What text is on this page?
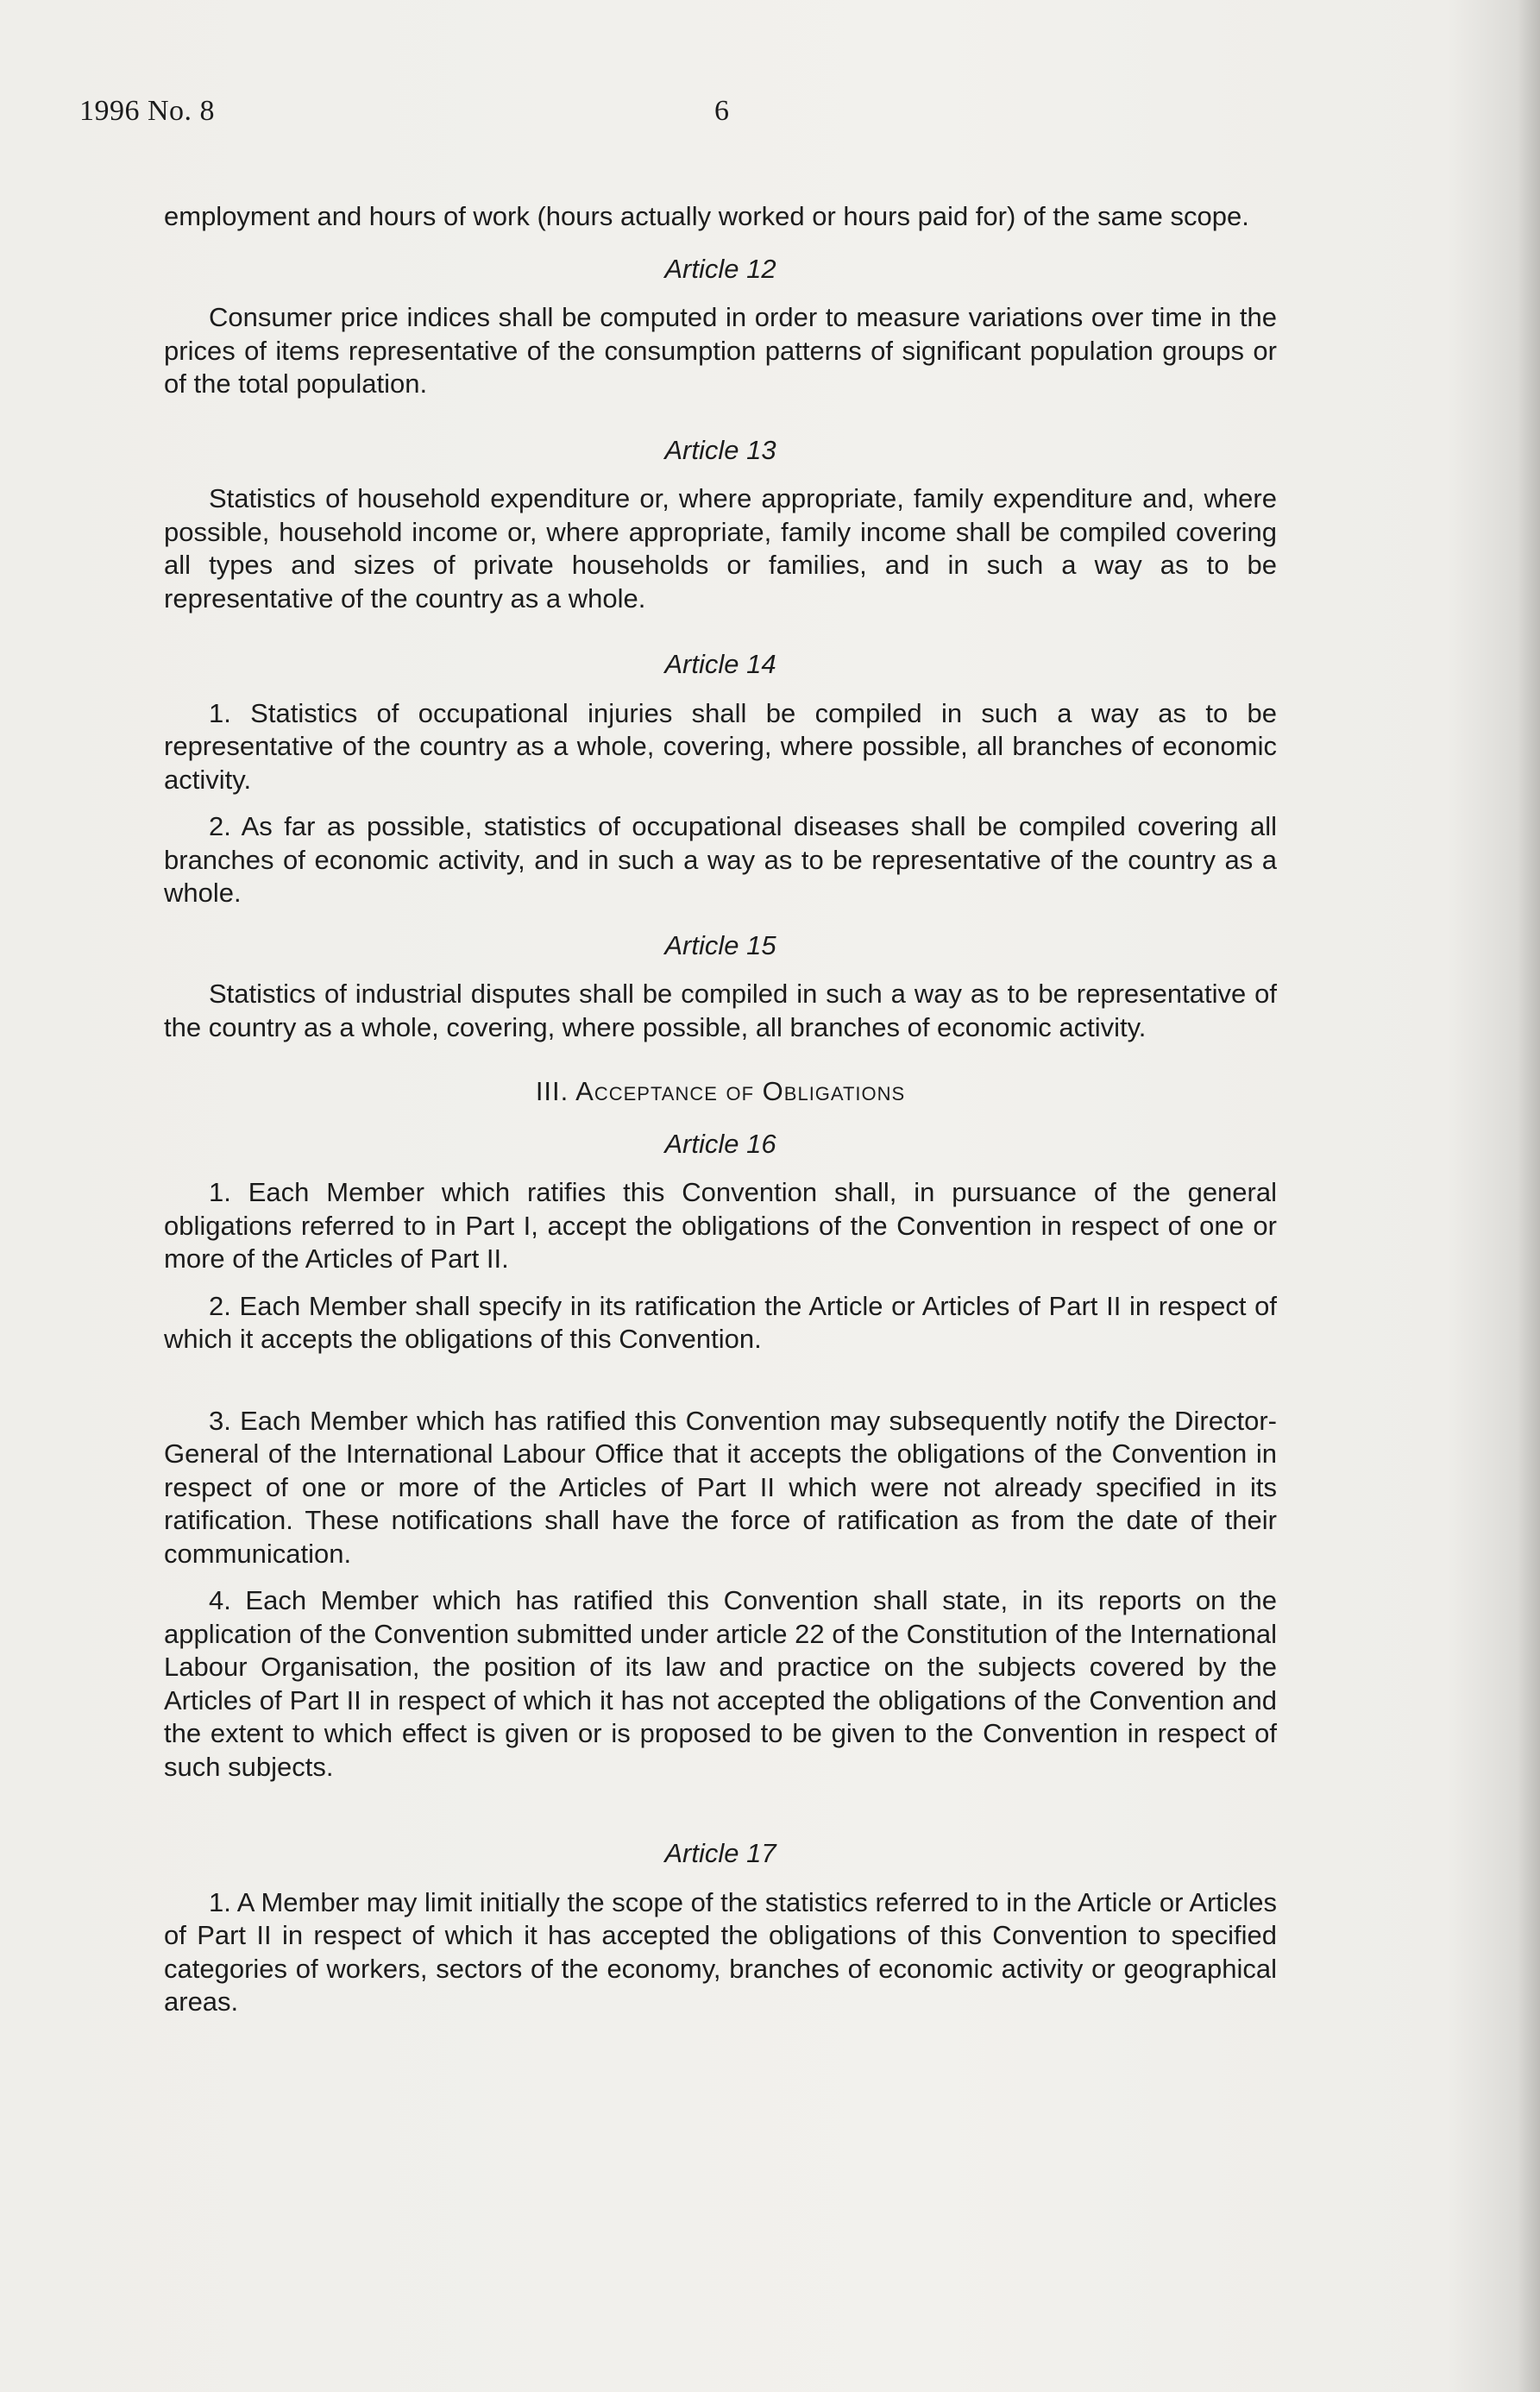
1996 No. 8	6

employment and hours of work (hours actually worked or hours paid for) of the same scope.

Article 12

Consumer price indices shall be computed in order to measure variations over time in the prices of items representative of the consumption patterns of significant population groups or of the total population.

Article 13

Statistics of household expenditure or, where appropriate, family expenditure and, where possible, household income or, where appropriate, family income shall be compiled covering all types and sizes of private households or families, and in such a way as to be representative of the country as a whole.

Article 14

1. Statistics of occupational injuries shall be compiled in such a way as to be representative of the country as a whole, covering, where possible, all branches of economic activity.

2. As far as possible, statistics of occupational diseases shall be compiled covering all branches of economic activity, and in such a way as to be representative of the country as a whole.

Article 15

Statistics of industrial disputes shall be compiled in such a way as to be representative of the country as a whole, covering, where possible, all branches of economic activity.

III. Acceptance of Obligations
Article 16

1. Each Member which ratifies this Convention shall, in pursuance of the general obligations referred to in Part I, accept the obligations of the Convention in respect of one or more of the Articles of Part II.

2. Each Member shall specify in its ratification the Article or Articles of Part II in respect of which it accepts the obligations of this Convention.

3. Each Member which has ratified this Convention may subsequently notify the Director-General of the International Labour Office that it accepts the obligations of the Convention in respect of one or more of the Articles of Part II which were not already specified in its ratification. These notifications shall have the force of ratification as from the date of their communication.

4. Each Member which has ratified this Convention shall state, in its reports on the application of the Convention submitted under article 22 of the Constitution of the International Labour Organisation, the position of its law and practice on the subjects covered by the Articles of Part II in respect of which it has not accepted the obligations of the Convention and the extent to which effect is given or is proposed to be given to the Convention in respect of such subjects.

Article 17

1. A Member may limit initially the scope of the statistics referred to in the Article or Articles of Part II in respect of which it has accepted the obligations of this Convention to specified categories of workers, sectors of the economy, branches of economic activity or geographical areas.
